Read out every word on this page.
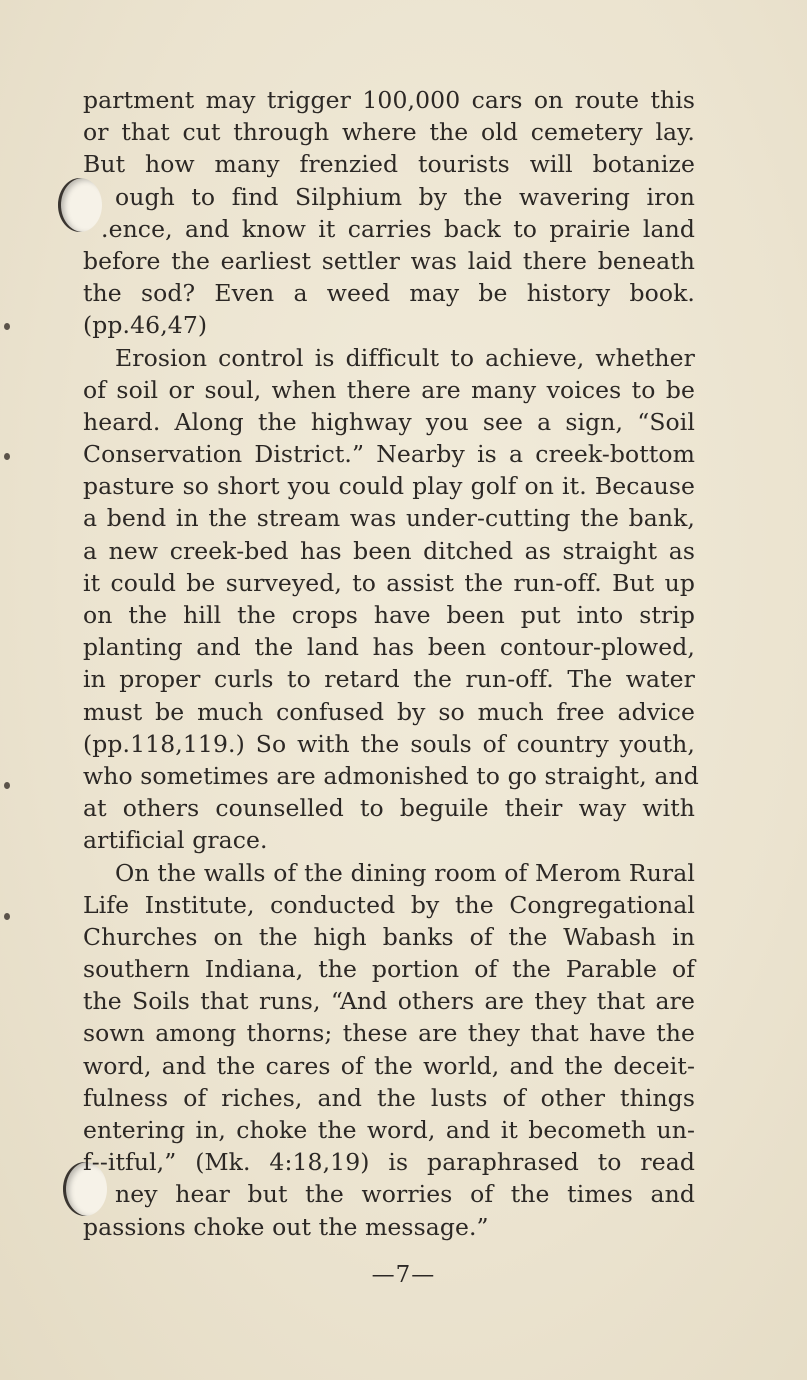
partment may trigger 100,000 cars on route this
or that cut through where the old cemetery lay.
But how many frenzied tourists will botanize
ough to find Silphium by the wavering iron
.ence, and know it carries back to prairie land
before the earliest settler was laid there beneath
the sod? Even a weed may be history book.
(pp.46,47)
Erosion control is difficult to achieve, whether
of soil or soul, when there are many voices to be
heard. Along the highway you see a sign, “Soil
Conservation District.” Nearby is a creek-bottom
pasture so short you could play golf on it. Because
a bend in the stream was under-cutting the bank,
a new creek-bed has been ditched as straight as
it could be surveyed, to assist the run-off. But up
on the hill the crops have been put into strip
planting and the land has been contour-plowed,
in proper curls to retard the run-off. The water
must be much confused by so much free advice
(pp.118,119.) So with the souls of country youth,
who sometimes are admonished to go straight, and
at others counselled to beguile their way with
artificial grace.
On the walls of the dining room of Merom Rural
Life Institute, conducted by the Congregational
Churches on the high banks of the Wabash in
southern Indiana, the portion of the Parable of
the Soils that runs, “And others are they that are
sown among thorns; these are they that have the
word, and the cares of the world, and the deceit-
fulness of riches, and the lusts of other things
entering in, choke the word, and it becometh un-
f‐‐itful,” (Mk. 4:18,19) is paraphrased to read
ney hear but the worries of the times and
passions choke out the message.”
—7—
